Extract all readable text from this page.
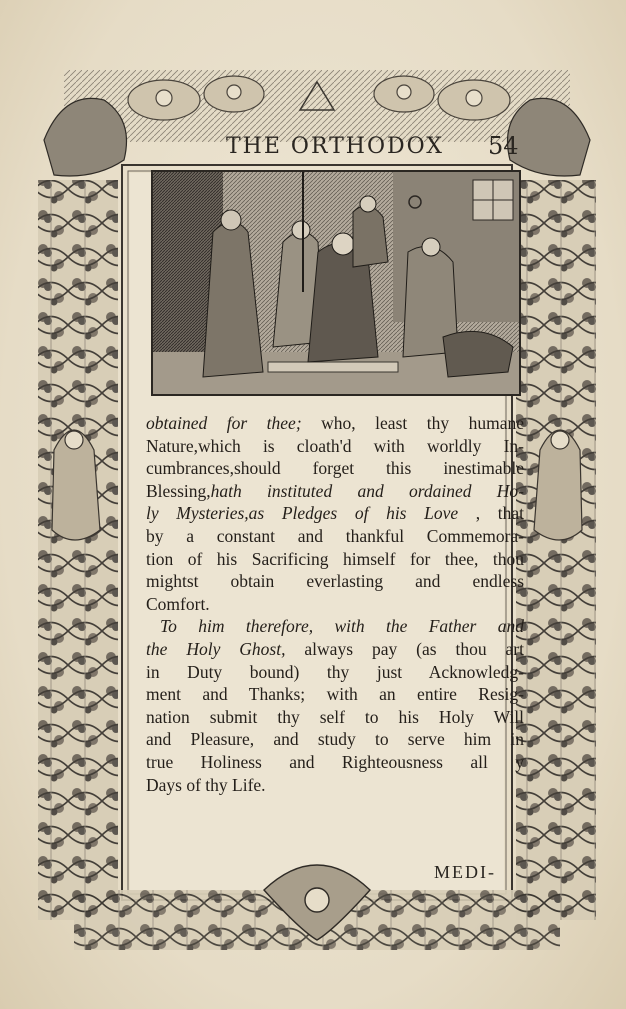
THE ORTHODOX	54
obtained for thee; who, least thy humane
Nature,which is cloath'd with worldly In-
cumbrances,should forget this inestimable
Blessing,hath instituted and ordained Ho-
ly Mysteries,as Pledges of his Love , that
by a constant and thankful Commemora-
tion of his Sacrificing himself for thee, thou
mightst obtain everlasting and endless
Comfort.
To him therefore, with the Father and
the Holy Ghost, always pay (as thou art
in Duty bound) thy just Acknowledg-
ment and Thanks; with an entire Resig-
nation submit thy self to his Holy Will
and Pleasure, and study to serve him in
true Holiness and Righteousness all y
Days of thy Life.
MEDI-
